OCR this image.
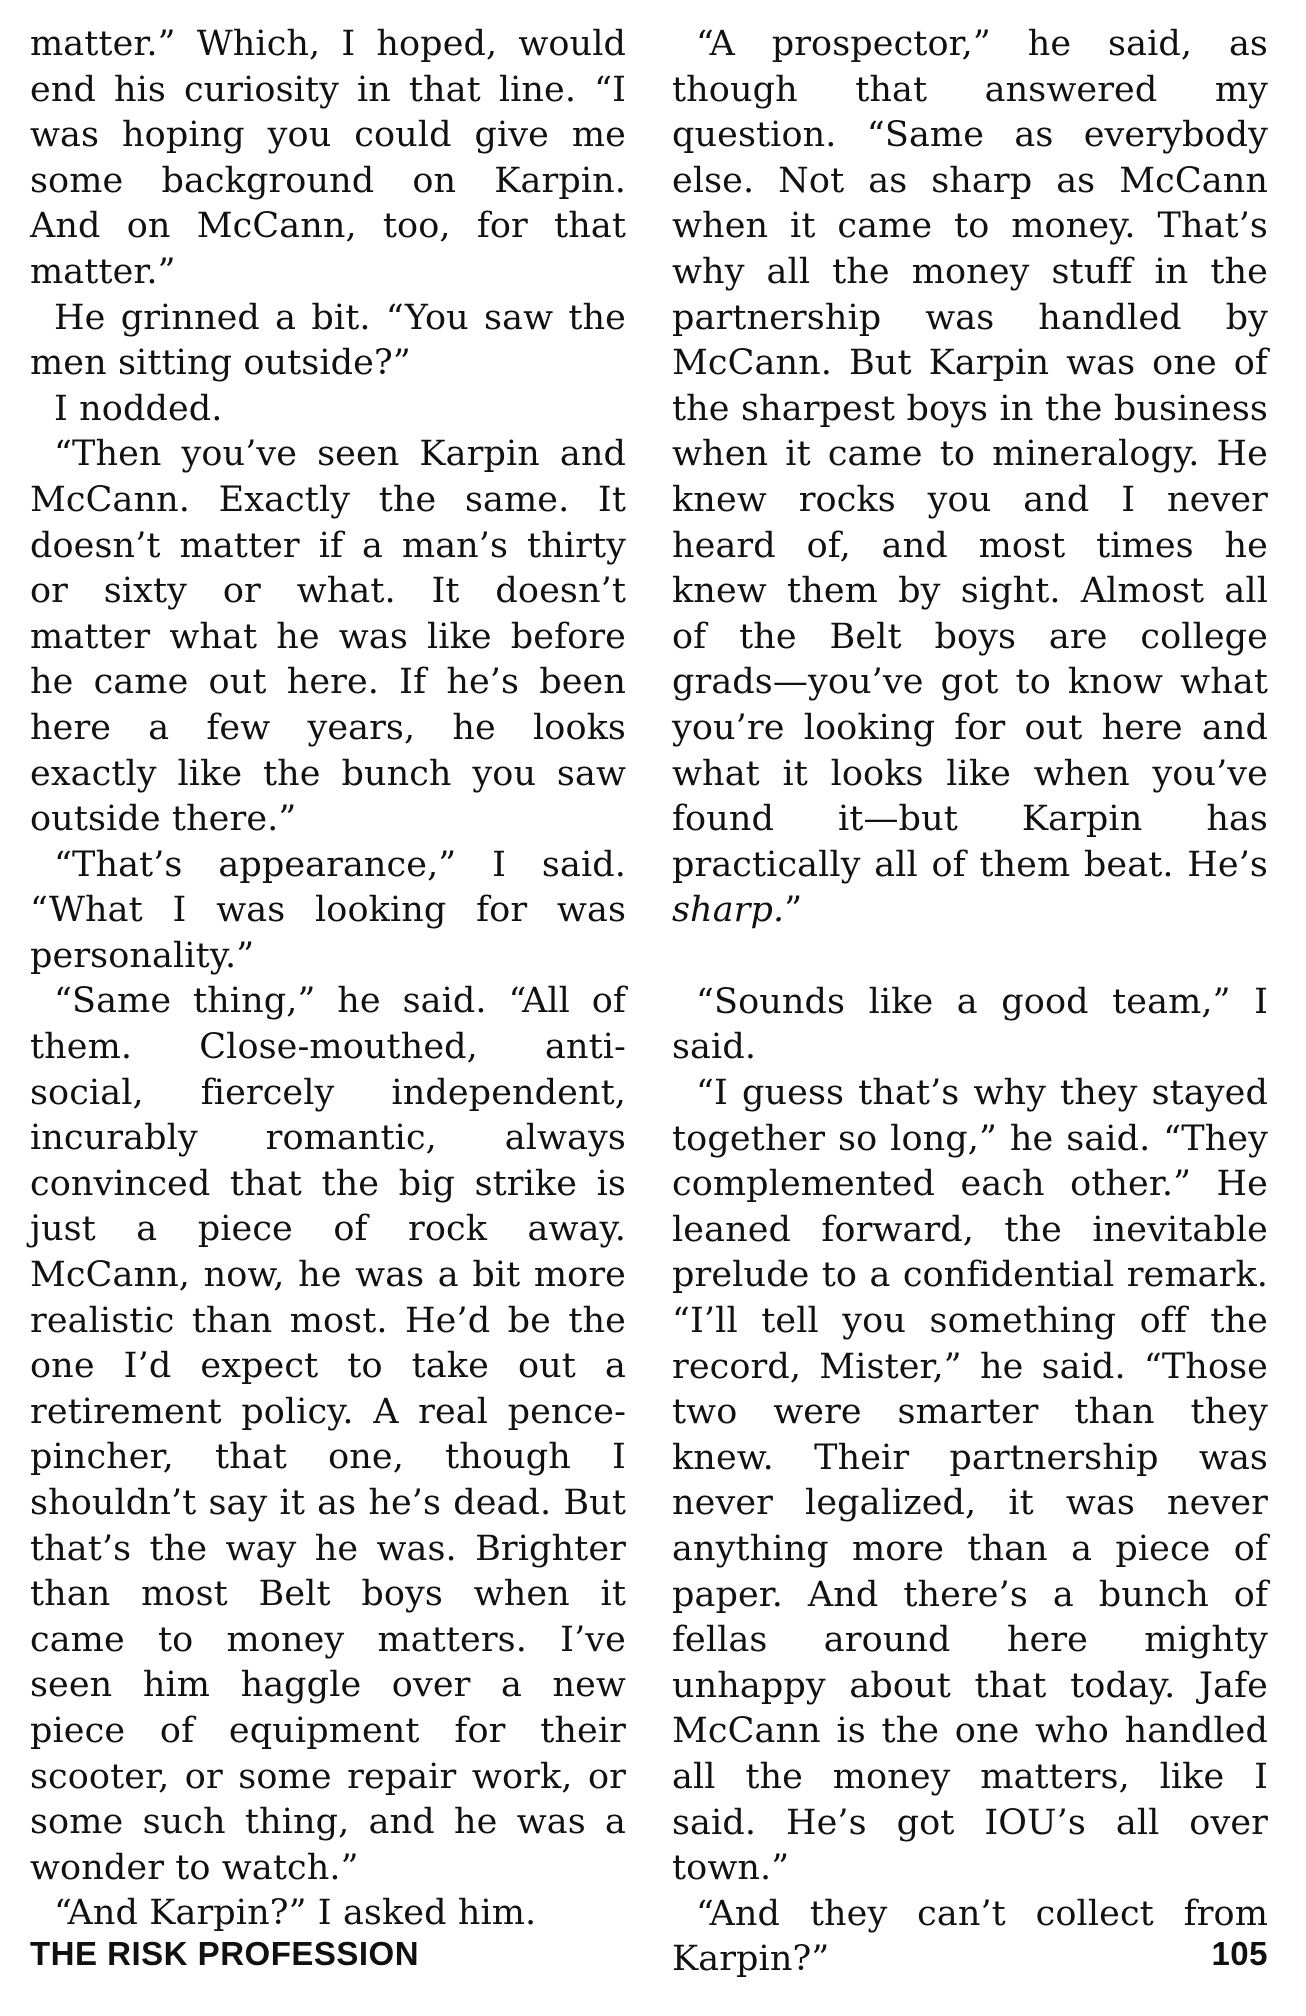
matter.” Which, I hoped, would end his curiosity in that line. “I was hoping you could give me some background on Karpin. And on McCann, too, for that matter.”

He grinned a bit. “You saw the men sitting outside?”

I nodded.

“Then you’ve seen Karpin and McCann. Exactly the same. It doesn’t matter if a man’s thirty or sixty or what. It doesn’t matter what he was like before he came out here. If he’s been here a few years, he looks exactly like the bunch you saw outside there.”

“That’s appearance,” I said. “What I was looking for was personality.”

“Same thing,” he said. “All of them. Close-mouthed, anti-social, fiercely independent, incurably romantic, always convinced that the big strike is just a piece of rock away. McCann, now, he was a bit more realistic than most. He’d be the one I’d expect to take out a retirement policy. A real pence-pincher, that one, though I shouldn’t say it as he’s dead. But that’s the way he was. Brighter than most Belt boys when it came to money matters. I’ve seen him haggle over a new piece of equipment for their scooter, or some repair work, or some such thing, and he was a wonder to watch.”

“And Karpin?” I asked him.

“A prospector,” he said, as though that answered my question. “Same as everybody else. Not as sharp as McCann when it came to money. That’s why all the money stuff in the partnership was handled by McCann. But Karpin was one of the sharpest boys in the business when it came to mineralogy. He knew rocks you and I never heard of, and most times he knew them by sight. Almost all of the Belt boys are college grads—you’ve got to know what you’re looking for out here and what it looks like when you’ve found it—but Karpin has practically all of them beat. He’s sharp.”

“Sounds like a good team,” I said.

“I guess that’s why they stayed together so long,” he said. “They complemented each other.” He leaned forward, the inevitable prelude to a confidential remark. “I’ll tell you something off the record, Mister,” he said. “Those two were smarter than they knew. Their partnership was never legalized, it was never anything more than a piece of paper. And there’s a bunch of fellas around here mighty unhappy about that today. Jafe McCann is the one who handled all the money matters, like I said. He’s got IOU’s all over town.”

“And they can’t collect from Karpin?”

THE RISK PROFESSION	105
